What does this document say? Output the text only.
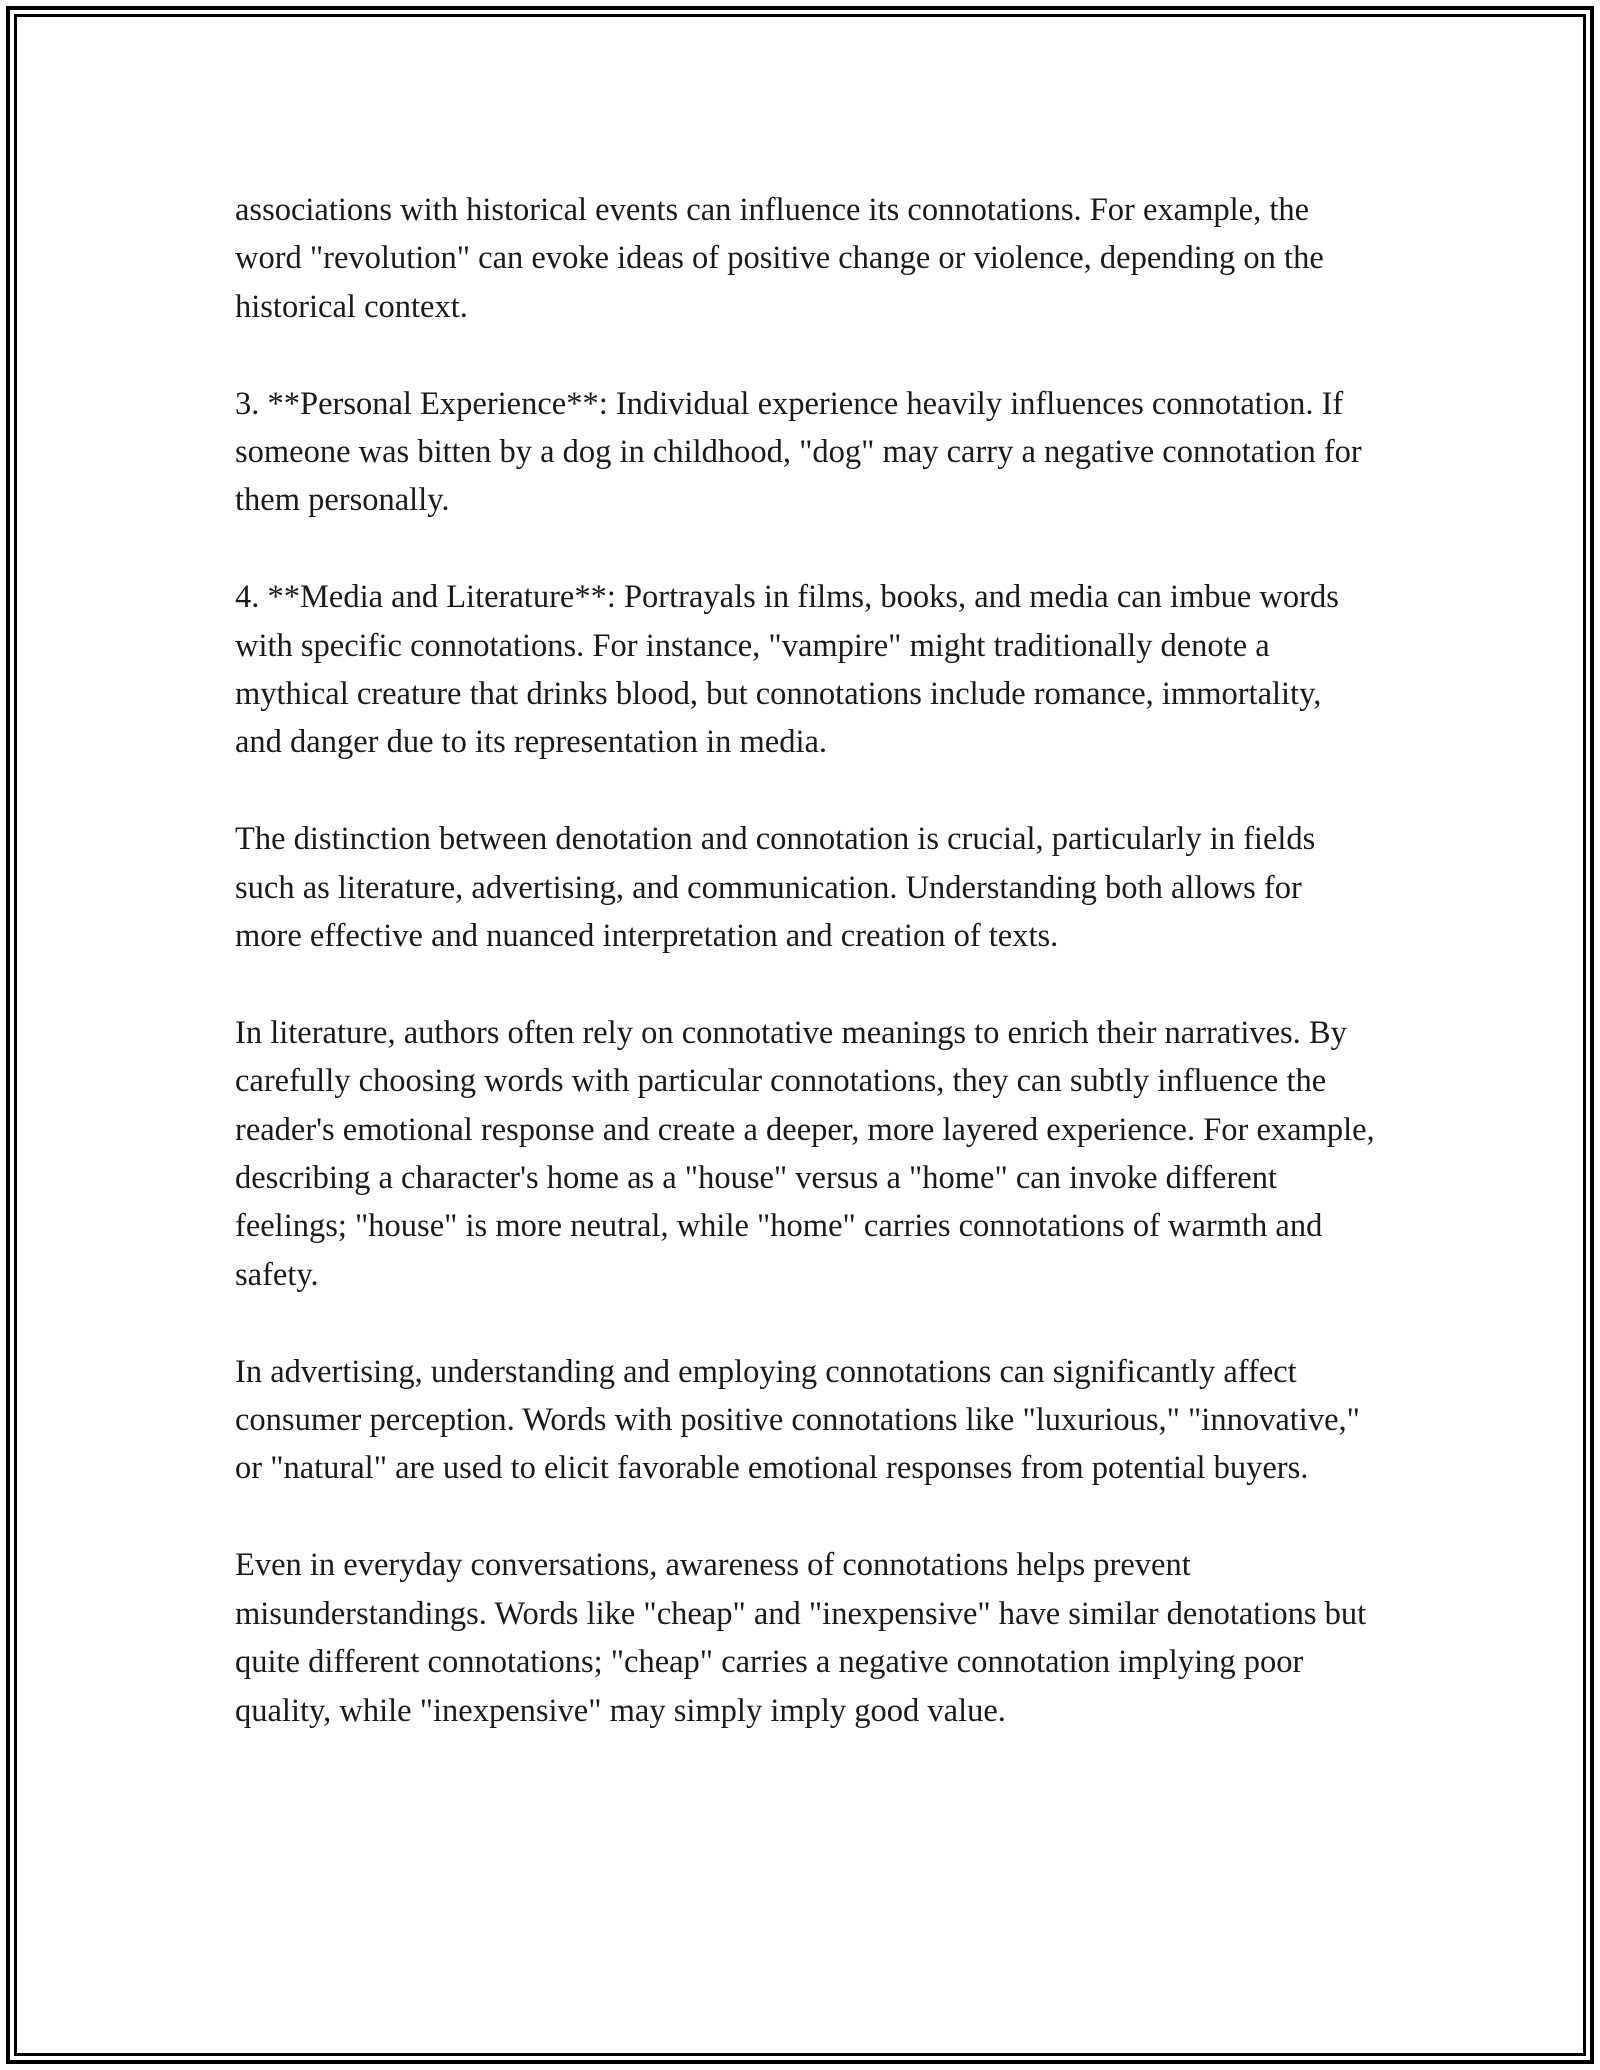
associations with historical events can influence its connotations. For example, the word "revolution" can evoke ideas of positive change or violence, depending on the historical context.

3. **Personal Experience**: Individual experience heavily influences connotation. If someone was bitten by a dog in childhood, "dog" may carry a negative connotation for them personally.

4. **Media and Literature**: Portrayals in films, books, and media can imbue words with specific connotations. For instance, "vampire" might traditionally denote a mythical creature that drinks blood, but connotations include romance, immortality, and danger due to its representation in media.

The distinction between denotation and connotation is crucial, particularly in fields such as literature, advertising, and communication. Understanding both allows for more effective and nuanced interpretation and creation of texts.

In literature, authors often rely on connotative meanings to enrich their narratives. By carefully choosing words with particular connotations, they can subtly influence the reader's emotional response and create a deeper, more layered experience. For example, describing a character's home as a "house" versus a "home" can invoke different feelings; "house" is more neutral, while "home" carries connotations of warmth and safety.

In advertising, understanding and employing connotations can significantly affect consumer perception. Words with positive connotations like "luxurious," "innovative," or "natural" are used to elicit favorable emotional responses from potential buyers.

Even in everyday conversations, awareness of connotations helps prevent misunderstandings. Words like "cheap" and "inexpensive" have similar denotations but quite different connotations; "cheap" carries a negative connotation implying poor quality, while "inexpensive" may simply imply good value.
